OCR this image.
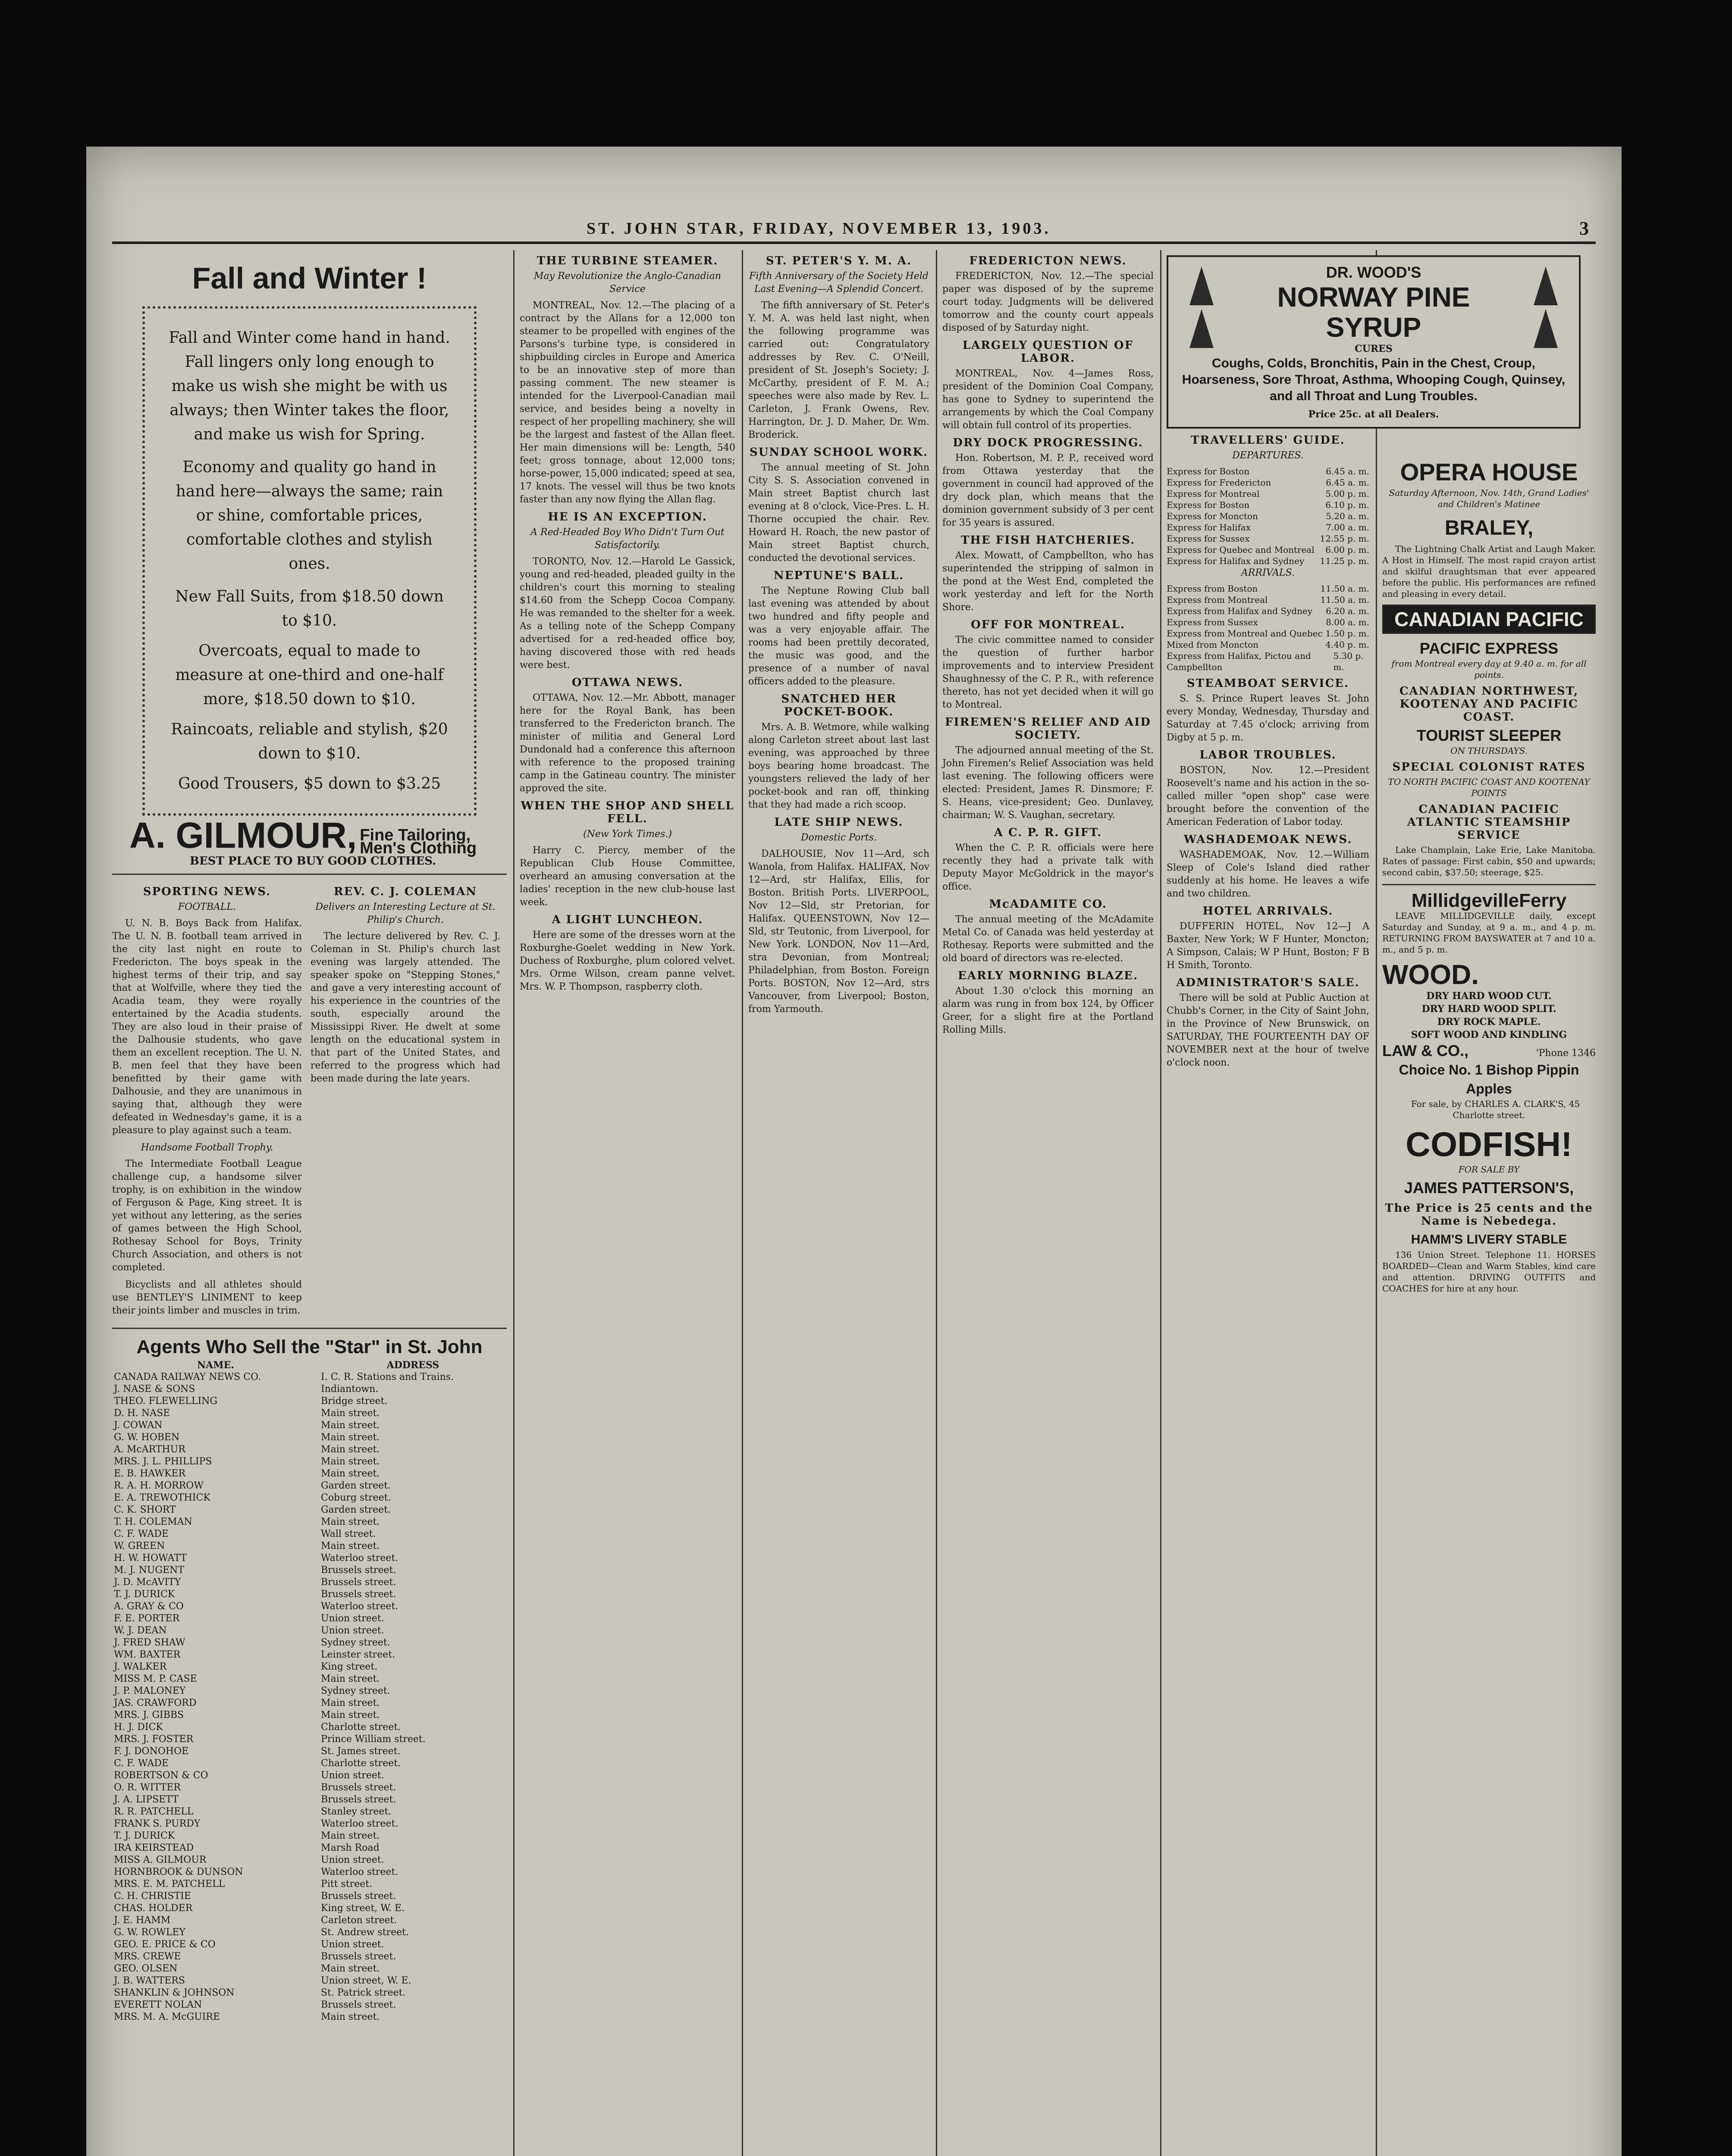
ST. JOHN STAR, FRIDAY, NOVEMBER 13, 1903.	3
Fall and Winter !
Fall and Winter come hand in hand. Fall lingers only long enough to make us wish she might be with us always; then Winter takes the floor, and make us wish for Spring.
Economy and quality go hand in hand here—always the same; rain or shine, comfortable prices, comfortable clothes and stylish ones.
New Fall Suits, from $18.50 down to $10.
Overcoats, equal to made to measure at one-third and one-half more, $18.50 down to $10.
Raincoats, reliable and stylish, $20 down to $10.
Good Trousers, $5 down to $3.25
A. GILMOUR, Fine Tailoring, Men's Clothing
BEST PLACE TO BUY GOOD CLOTHES.
SPORTING NEWS.
FOOTBALL.

U. N. B. Boys Back from Halifax. The U. N. B. football team arrived in the city last night en route to Fredericton. The boys speak in the highest terms of their trip, and say that at Wolfville, where they tied the Acadia team, they were royally entertained by the Acadia students. They are also loud in their praise of the Dalhousie students, who gave them an excellent reception. The U. N. B. men feel that they have been benefitted by their game with Dalhousie, and they are unanimous in saying that, although they were defeated in Wednesday's game, it is a pleasure to play against such a team.

Handsome Football Trophy.

The Intermediate Football League challenge cup, a handsome silver trophy, is on exhibition in the window of Ferguson & Page, King street. It is yet without any lettering, as the series of games between the High School, Rothesay School for Boys, Trinity Church Association, and others is not completed.

Bicyclists and all athletes should use BENTLEY'S LINIMENT to keep their joints limber and muscles in trim.

REV. C. J. COLEMAN
Delivers an Interesting Lecture at St. Philip's Church.

The lecture delivered by Rev. C. J. Coleman in St. Philip's church last evening was largely attended. The speaker spoke on "Stepping Stones," and gave a very interesting account of his experience in the countries of the south, especially around the Mississippi River. He dwelt at some length on the educational system in that part of the United States, and referred to the progress which had been made during the late years.

Agents Who Sell the "Star" in St. John
NAME.	ADDRESS
CANADA RAILWAY NEWS CO.	I. C. R. Stations and Trains.
J. NASE & SONS	Indiantown.
THEO. FLEWELLING	Bridge street.
D. H. NASE	Main street.
J. COWAN	Main street.
G. W. HOBEN	Main street.
A. McARTHUR	Main street.
MRS. J. L. PHILLIPS	Main street.
E. B. HAWKER	Main street.
R. A. H. MORROW	Garden street.
E. A. TREWOTHICK	Coburg street.
C. K. SHORT	Garden street.
T. H. COLEMAN	Main street.
C. F. WADE	Wall street.
W. GREEN	Main street.
H. W. HOWATT	Waterloo street.
M. J. NUGENT	Brussels street.
J. D. McAVITY	Brussels street.
T. J. DURICK	Brussels street.
A. GRAY & CO	Waterloo street.
F. E. PORTER	Union street.
W. J. DEAN	Union street.
J. FRED SHAW	Sydney street.
WM. BAXTER	Leinster street.
J. WALKER	King street.
MISS M. P. CASE	Main street.
J. P. MALONEY	Sydney street.
JAS. CRAWFORD	Main street.
MRS. J. GIBBS	Main street.
H. J. DICK	Charlotte street.
MRS. J. FOSTER	Prince William street.
F. J. DONOHOE	St. James street.
C. F. WADE	Charlotte street.
ROBERTSON & CO	Union street.
O. R. WITTER	Brussels street.
J. A. LIPSETT	Brussels street.
R. R. PATCHELL	Stanley street.
FRANK S. PURDY	Waterloo street.
T. J. DURICK	Main street.
IRA KEIRSTEAD	Marsh Road
MISS A. GILMOUR	Union street.
HORNBROOK & DUNSON	Waterloo street.
MRS. E. M. PATCHELL	Pitt street.
C. H. CHRISTIE	Brussels street.
CHAS. HOLDER	King street, W. E.
J. E. HAMM	Carleton street.
G. W. ROWLEY	St. Andrew street.
GEO. E. PRICE & CO	Union street.
MRS. CREWE	Brussels street.
GEO. OLSEN	Main street.
J. B. WATTERS	Union street, W. E.
SHANKLIN & JOHNSON	St. Patrick street.
EVERETT NOLAN	Brussels street.
MRS. M. A. McGUIRE	Main street.
THE TURBINE STEAMER.
May Revolutionize the Anglo-Canadian Service

MONTREAL, Nov. 12.—The placing of a contract by the Allans for a 12,000 ton steamer to be propelled with engines of the Parsons's turbine type, is considered in shipbuilding circles in Europe and America to be an innovative step of more than passing comment. The new steamer is intended for the Liverpool-Canadian mail service, and besides being a novelty in respect of her propelling machinery, she will be the largest and fastest of the Allan fleet. Her main dimensions will be: Length, 540 feet; gross tonnage, about 12,000 tons; horse-power, 15,000 indicated; speed at sea, 17 knots. The vessel will thus be two knots faster than any now flying the Allan flag.

HE IS AN EXCEPTION.
A Red-Headed Boy Who Didn't Turn Out Satisfactorily.

TORONTO, Nov. 12.—Harold Le Gassick, young and red-headed, pleaded guilty in the children's court this morning to stealing $14.60 from the Schepp Cocoa Company. He was remanded to the shelter for a week. As a telling note of the Schepp Company advertised for a red-headed office boy, having discovered those with red heads were best.

OTTAWA NEWS.

OTTAWA, Nov. 12.—Mr. Abbott, manager here for the Royal Bank, has been transferred to the Fredericton branch. The minister of militia and General Lord Dundonald had a conference this afternoon with reference to the proposed training camp in the Gatineau country. The minister approved the site.

WHEN THE SHOP AND SHELL FELL.
(New York Times.)

Harry C. Piercy, member of the Republican Club House Committee, overheard an amusing conversation at the ladies' reception in the new club-house last week.

A LIGHT LUNCHEON.

Here are some of the dresses worn at the Roxburghe-Goelet wedding in New York. Duchess of Roxburghe, plum colored velvet. Mrs. Orme Wilson, cream panne velvet. Mrs. W. P. Thompson, raspberry cloth.

ST. PETER'S Y. M. A.
Fifth Anniversary of the Society Held Last Evening—A Splendid Concert.

The fifth anniversary of St. Peter's Y. M. A. was held last night, when the following programme was carried out: Congratulatory addresses by Rev. C. O'Neill, president of St. Joseph's Society; J. McCarthy, president of F. M. A.; speeches were also made by Rev. L. Carleton, J. Frank Owens, Rev. Harrington, Dr. J. D. Maher, Dr. Wm. Broderick.

SUNDAY SCHOOL WORK.

The annual meeting of St. John City S. S. Association convened in Main street Baptist church last evening at 8 o'clock, Vice-Pres. L. H. Thorne occupied the chair. Rev. Howard H. Roach, the new pastor of Main street Baptist church, conducted the devotional services.

NEPTUNE'S BALL.

The Neptune Rowing Club ball last evening was attended by about two hundred and fifty people and was a very enjoyable affair. The rooms had been prettily decorated, the music was good, and the presence of a number of naval officers added to the pleasure.

SNATCHED HER POCKET-BOOK.

Mrs. A. B. Wetmore, while walking along Carleton street about last last evening, was approached by three boys bearing home broadcast. The youngsters relieved the lady of her pocket-book and ran off, thinking that they had made a rich scoop.

LATE SHIP NEWS.
Domestic Ports.

DALHOUSIE, Nov 11—Ard, sch Wanola, from Halifax. HALIFAX, Nov 12—Ard, str Halifax, Ellis, for Boston. British Ports. LIVERPOOL, Nov 12—Sld, str Pretorian, for Halifax. QUEENSTOWN, Nov 12—Sld, str Teutonic, from Liverpool, for New York. LONDON, Nov 11—Ard, stra Devonian, from Montreal; Philadelphian, from Boston. Foreign Ports. BOSTON, Nov 12—Ard, strs Vancouver, from Liverpool; Boston, from Yarmouth.

FREDERICTON NEWS.

FREDERICTON, Nov. 12.—The special paper was disposed of by the supreme court today. Judgments will be delivered tomorrow and the county court appeals disposed of by Saturday night.

LARGELY QUESTION OF LABOR.

MONTREAL, Nov. 4—James Ross, president of the Dominion Coal Company, has gone to Sydney to superintend the arrangements by which the Coal Company will obtain full control of its properties.

DRY DOCK PROGRESSING.

Hon. Robertson, M. P. P., received word from Ottawa yesterday that the government in council had approved of the dry dock plan, which means that the dominion government subsidy of 3 per cent for 35 years is assured.

THE FISH HATCHERIES.

Alex. Mowatt, of Campbellton, who has superintended the stripping of salmon in the pond at the West End, completed the work yesterday and left for the North Shore.

OFF FOR MONTREAL.

The civic committee named to consider the question of further harbor improvements and to interview President Shaughnessy of the C. P. R., with reference thereto, has not yet decided when it will go to Montreal.

FIREMEN'S RELIEF AND AID SOCIETY.

The adjourned annual meeting of the St. John Firemen's Relief Association was held last evening. The following officers were elected: President, James R. Dinsmore; F. S. Heans, vice-president; Geo. Dunlavey, chairman; W. S. Vaughan, secretary.

A C. P. R. GIFT.

When the C. P. R. officials were here recently they had a private talk with Deputy Mayor McGoldrick in the mayor's office.

McADAMITE CO.

The annual meeting of the McAdamite Metal Co. of Canada was held yesterday at Rothesay. Reports were submitted and the old board of directors was re-elected.

EARLY MORNING BLAZE.

About 1.30 o'clock this morning an alarm was rung in from box 124, by Officer Greer, for a slight fire at the Portland Rolling Mills.

DR. WOOD'S
NORWAY PINE SYRUP
CURES
Coughs, Colds, Bronchitis, Pain in the Chest, Croup, Hoarseness, Sore Throat, Asthma, Whooping Cough, Quinsey, and all Throat and Lung Troubles.
Price 25c. at all Dealers.
TRAVELLERS' GUIDE.
DEPARTURES.
Express for Boston	6.45 a. m.
Express for Fredericton	6.45 a. m.
Express for Montreal	5.00 p. m.
Express for Boston	6.10 p. m.
Express for Moncton	5.20 a. m.
Express for Halifax	7.00 a. m.
Express for Sussex	12.55 p. m.
Express for Quebec and Montreal 6.00 p. m.
Express for Halifax and Sydney 11.25 p. m.
ARRIVALS.
Express from Boston	11.50 a. m.
Express from Montreal	11.50 a. m.
Express from Halifax and Sydney 6.20 a. m.
Express from Sussex	8.00 a. m.
Express from Montreal and Quebec 1.50 p. m.
Mixed from Moncton	4.40 p. m.
Express from Halifax, Pictou and Campbellton
5.30 p. m.
STEAMBOAT SERVICE.

S. S. Prince Rupert leaves St. John every Monday, Wednesday, Thursday and Saturday at 7.45 o'clock; arriving from Digby at 5 p. m.

LABOR TROUBLES.

BOSTON, Nov. 12.—President Roosevelt's name and his action in the so-called miller "open shop" case were brought before the convention of the American Federation of Labor today.

WASHADEMOAK NEWS.

WASHADEMOAK, Nov. 12.—William Sleep of Cole's Island died rather suddenly at his home. He leaves a wife and two children.

HOTEL ARRIVALS.

DUFFERIN HOTEL, Nov 12—J A Baxter, New York; W F Hunter, Moncton; A Simpson, Calais; W P Hunt, Boston; F B H Smith, Toronto.

ADMINISTRATOR'S SALE.

There will be sold at Public Auction at Chubb's Corner, in the City of Saint John, in the Province of New Brunswick, on SATURDAY, THE FOURTEENTH DAY OF NOVEMBER next at the hour of twelve o'clock noon.

OPERA HOUSE
Saturday Afternoon, Nov. 14th, Grand Ladies' and Children's Matinee
BRALEY,

The Lightning Chalk Artist and Laugh Maker. A Host in Himself. The most rapid crayon artist and skilful draughtsman that ever appeared before the public. His performances are refined and pleasing in every detail.

CANADIAN PACIFIC
PACIFIC EXPRESS
from Montreal every day at 9.40 a. m. for all points.
CANADIAN NORTHWEST, KOOTENAY AND PACIFIC COAST.
TOURIST SLEEPER
ON THURSDAYS.
SPECIAL COLONIST RATES
TO NORTH PACIFIC COAST AND KOOTENAY POINTS
CANADIAN PACIFIC ATLANTIC STEAMSHIP SERVICE

Lake Champlain, Lake Erie, Lake Manitoba. Rates of passage: First cabin, $50 and upwards; second cabin, $37.50; steerage, $25.

MillidgevilleFerry

LEAVE MILLIDGEVILLE daily, except Saturday and Sunday, at 9 a. m., and 4 p. m. RETURNING FROM BAYSWATER at 7 and 10 a. m., and 5 p. m.

WOOD.
DRY HARD WOOD CUT.
DRY HARD WOOD SPLIT.
DRY ROCK MAPLE.
SOFT WOOD AND KINDLING
LAW & CO.,	'Phone 1346
Choice No. 1 Bishop Pippin Apples

For sale, by CHARLES A. CLARK'S, 45 Charlotte street.

CODFISH!
FOR SALE BY
JAMES PATTERSON'S,
The Price is 25 cents and the Name is Nebedega.
HAMM'S LIVERY STABLE

136 Union Street. Telephone 11. HORSES BOARDED—Clean and Warm Stables, kind care and attention. DRIVING OUTFITS and COACHES for hire at any hour.
